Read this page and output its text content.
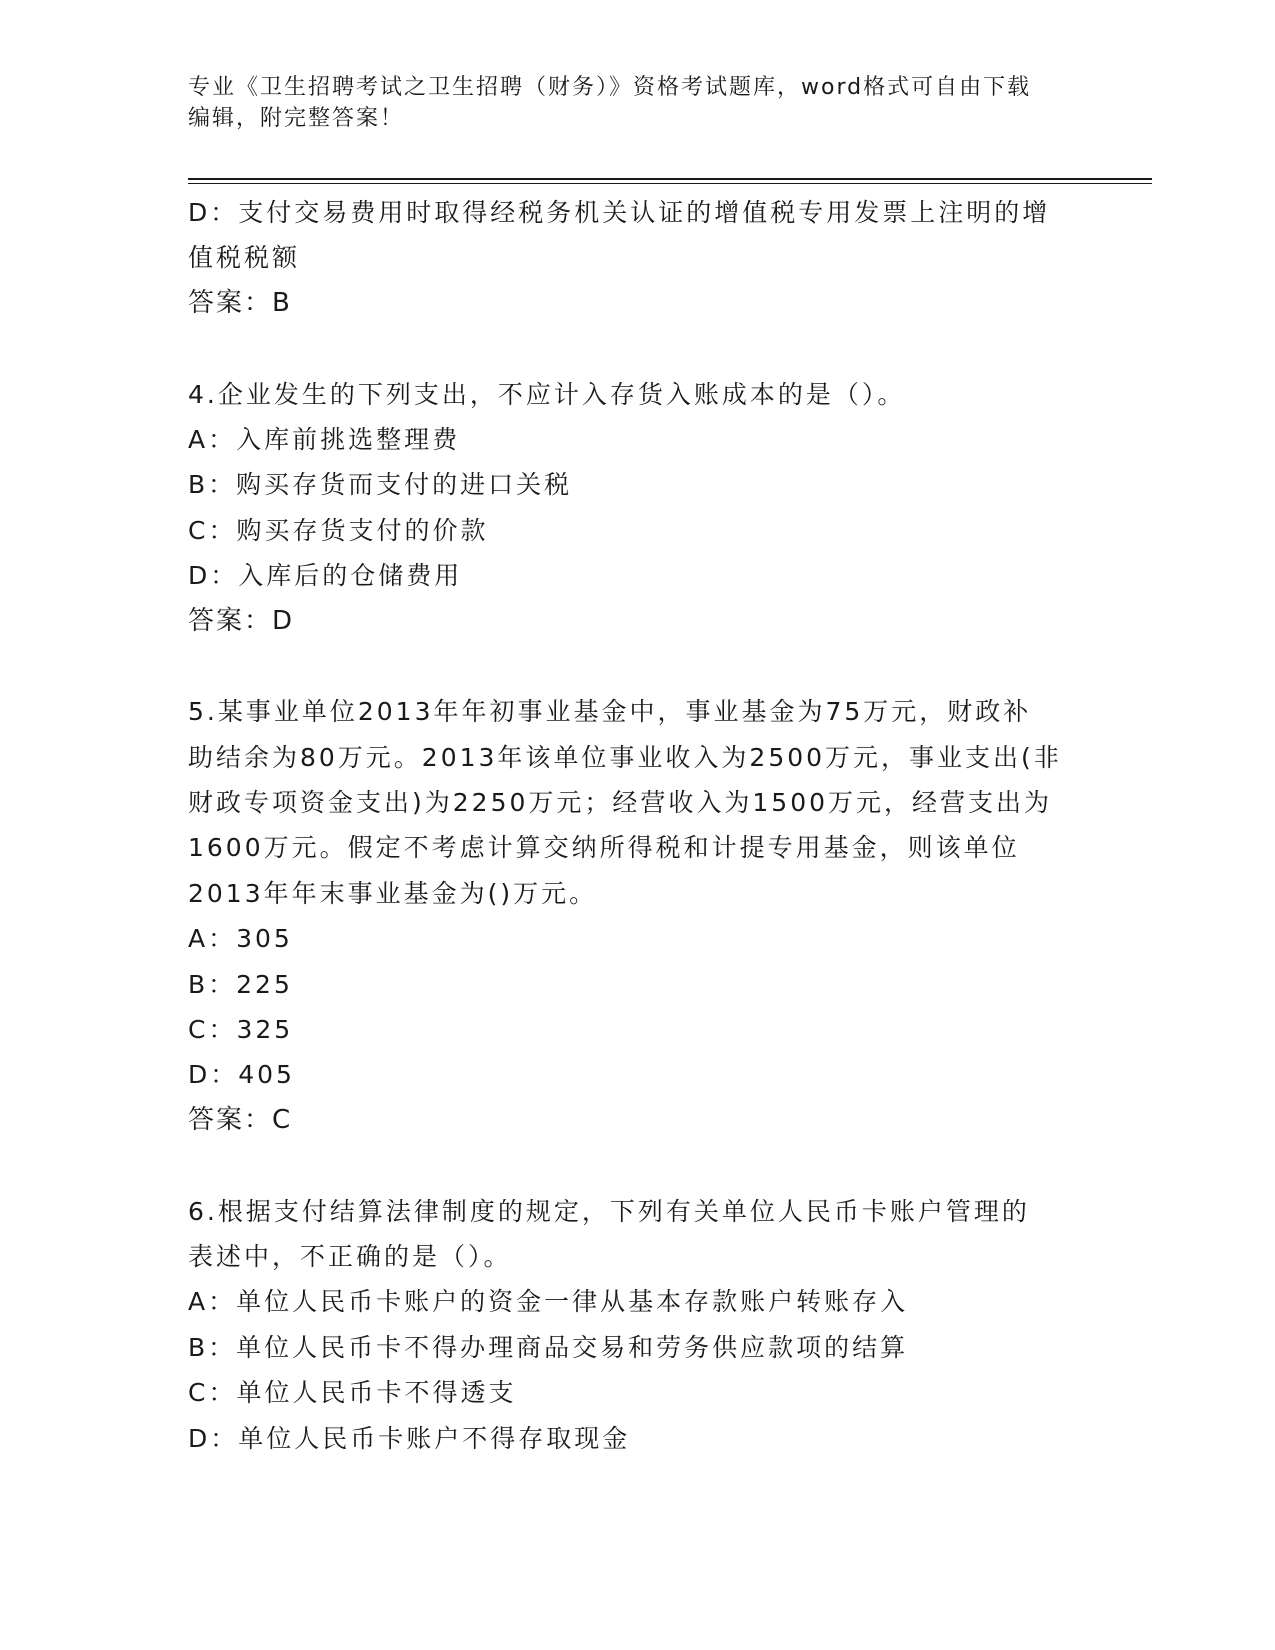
专业《卫生招聘考试之卫生招聘（财务）》资格考试题库，word格式可自由下载
编辑，附完整答案！

D：支付交易费用时取得经税务机关认证的增值税专用发票上注明的增

值税税额

答案：B

4.企业发生的下列支出，不应计入存货入账成本的是（）。

A：入库前挑选整理费

B：购买存货而支付的进口关税

C：购买存货支付的价款

D：入库后的仓储费用

答案：D

5.某事业单位2013年年初事业基金中，事业基金为75万元，财政补

助结余为80万元。2013年该单位事业收入为2500万元，事业支出(非

财政专项资金支出)为2250万元；经营收入为1500万元，经营支出为

1600万元。假定不考虑计算交纳所得税和计提专用基金，则该单位

2013年年末事业基金为()万元。

A：305

B：225

C：325

D：405

答案：C

6.根据支付结算法律制度的规定，下列有关单位人民币卡账户管理的

表述中，不正确的是（）。

A：单位人民币卡账户的资金一律从基本存款账户转账存入

B：单位人民币卡不得办理商品交易和劳务供应款项的结算

C：单位人民币卡不得透支

D：单位人民币卡账户不得存取现金
